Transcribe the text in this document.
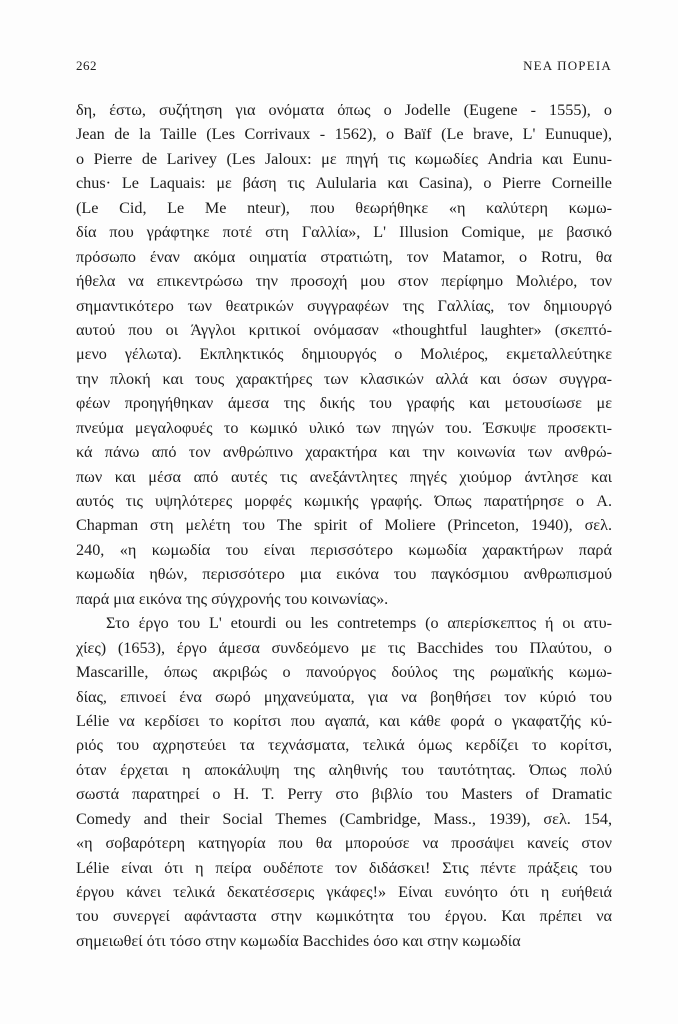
262	ΝΕΑ ΠΟΡΕΙΑ
δη, έστω, συζήτηση για ονόματα όπως ο Jodelle (Eugene - 1555), ο
Jean de la Taille (Les Corrivaux - 1562), ο Baïf (Le brave, L' Eunuque),
ο Pierre de Larivey (Les Jaloux: με πηγή τις κωμωδίες Andria και Eunu-
chus· Le Laquais: με βάση τις Aulularia και Casina), ο Pierre Corneille
(Le Cid, Le Me nteur), που θεωρήθηκε «η καλύτερη κωμω-
δία που γράφτηκε ποτέ στη Γαλλία», L' Illusion Comique, με βασικό
πρόσωπο έναν ακόμα οιηματία στρατιώτη, τον Matamor, ο Rotru, θα
ήθελα να επικεντρώσω την προσοχή μου στον περίφημο Μολιέρο, τον
σημαντικότερο των θεατρικών συγγραφέων της Γαλλίας, τον δημιουργό
αυτού που οι Άγγλοι κριτικοί ονόμασαν «thoughtful laughter» (σκεπτό-
μενο γέλωτα). Εκπληκτικός δημιουργός ο Μολιέρος, εκμεταλλεύτηκε
την πλοκή και τους χαρακτήρες των κλασικών αλλά και όσων συγγρα-
φέων προηγήθηκαν άμεσα της δικής του γραφής και μετουσίωσε με
πνεύμα μεγαλοφυές το κωμικό υλικό των πηγών του. Έσκυψε προσεκτι-
κά πάνω από τον ανθρώπινο χαρακτήρα και την κοινωνία των ανθρώ-
πων και μέσα από αυτές τις ανεξάντλητες πηγές χιούμορ άντλησε και
αυτός τις υψηλότερες μορφές κωμικής γραφής. Όπως παρατήρησε ο A.
Chapman στη μελέτη του The spirit of Moliere (Princeton, 1940), σελ.
240, «η κωμωδία του είναι περισσότερο κωμωδία χαρακτήρων παρά
κωμωδία ηθών, περισσότερο μια εικόνα του παγκόσμιου ανθρωπισμού
παρά μια εικόνα της σύγχρονής του κοινωνίας».
Στο έργο του L' etourdi ou les contretemps (ο απερίσκεπτος ή οι ατυ-
χίες) (1653), έργο άμεσα συνδεόμενο με τις Bacchides του Πλαύτου, ο
Mascarille, όπως ακριβώς ο πανούργος δούλος της ρωμαϊκής κωμω-
δίας, επινοεί ένα σωρό μηχανεύματα, για να βοηθήσει τον κύριό του
Lélie να κερδίσει το κορίτσι που αγαπά, και κάθε φορά ο γκαφατζής κύ-
ριός του αχρηστεύει τα τεχνάσματα, τελικά όμως κερδίζει το κορίτσι,
όταν έρχεται η αποκάλυψη της αληθινής του ταυτότητας. Όπως πολύ
σωστά παρατηρεί ο H. T. Perry στο βιβλίο του Masters of Dramatic
Comedy and their Social Themes (Cambridge, Mass., 1939), σελ. 154,
«η σοβαρότερη κατηγορία που θα μπορούσε να προσάψει κανείς στον
Lélie είναι ότι η πείρα ουδέποτε τον διδάσκει! Στις πέντε πράξεις του
έργου κάνει τελικά δεκατέσσερις γκάφες!» Είναι ευνόητο ότι η ευήθειά
του συνεργεί αφάνταστα στην κωμικότητα του έργου. Και πρέπει να
σημειωθεί ότι τόσο στην κωμωδία Bacchides όσο και στην κωμωδία
